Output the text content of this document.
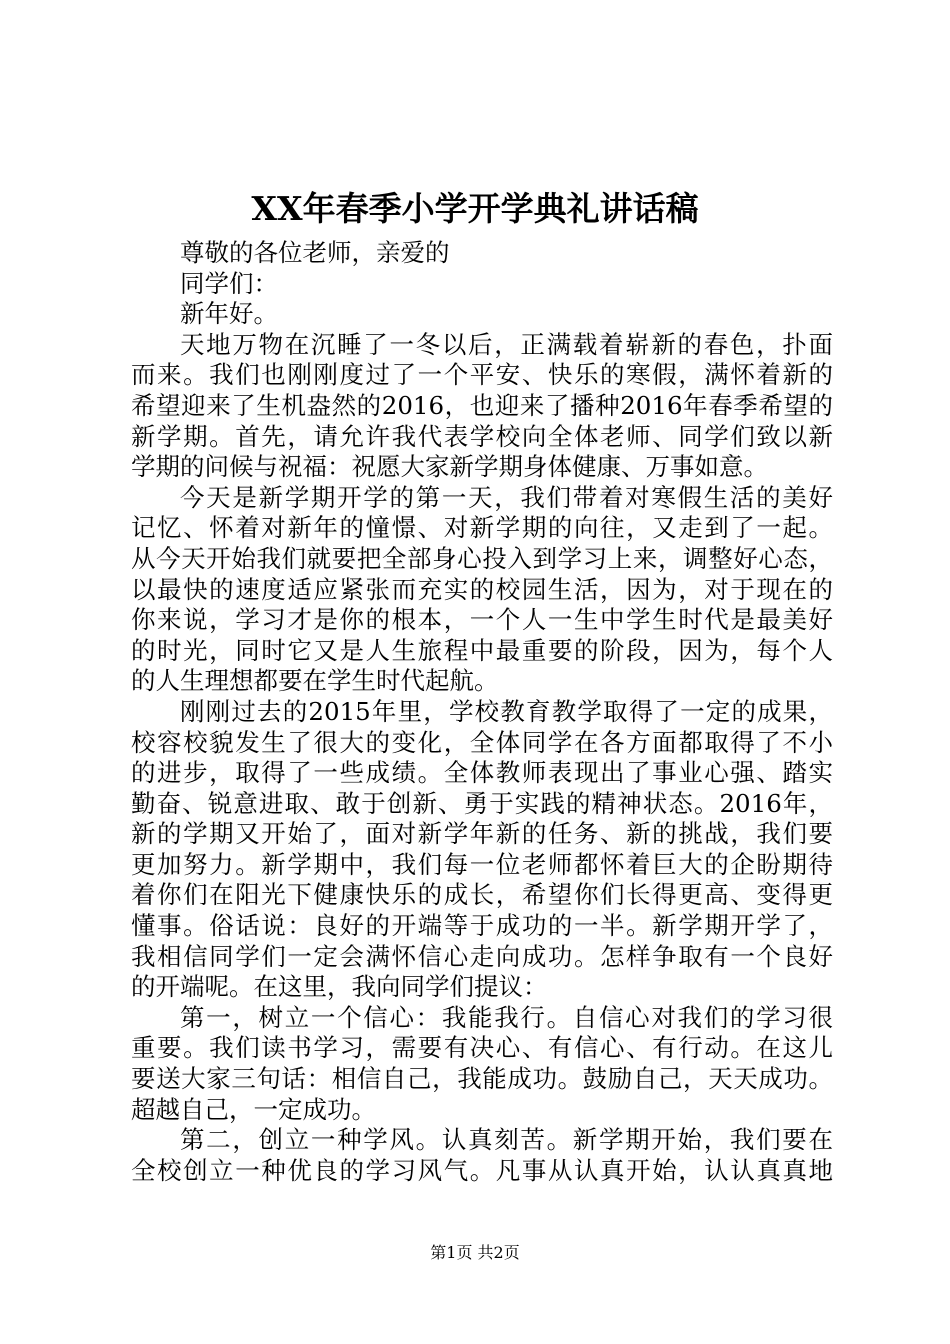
XX年春季小学开学典礼讲话稿
尊敬的各位老师，亲爱的
同学们：
新年好。
天地万物在沉睡了一冬以后，正满载着崭新的春色，扑面
而来。我们也刚刚度过了一个平安、快乐的寒假，满怀着新的
希望迎来了生机盎然的2016，也迎来了播种2016年春季希望的
新学期。首先，请允许我代表学校向全体老师、同学们致以新
学期的问候与祝福：祝愿大家新学期身体健康、万事如意。
今天是新学期开学的第一天，我们带着对寒假生活的美好
记忆、怀着对新年的憧憬、对新学期的向往，又走到了一起。
从今天开始我们就要把全部身心投入到学习上来，调整好心态，
以最快的速度适应紧张而充实的校园生活，因为，对于现在的
你来说，学习才是你的根本，一个人一生中学生时代是最美好
的时光，同时它又是人生旅程中最重要的阶段，因为，每个人
的人生理想都要在学生时代起航。
刚刚过去的2015年里，学校教育教学取得了一定的成果，
校容校貌发生了很大的变化，全体同学在各方面都取得了不小
的进步，取得了一些成绩。全体教师表现出了事业心强、踏实
勤奋、锐意进取、敢于创新、勇于实践的精神状态。2016年，
新的学期又开始了，面对新学年新的任务、新的挑战，我们要
更加努力。新学期中，我们每一位老师都怀着巨大的企盼期待
着你们在阳光下健康快乐的成长，希望你们长得更高、变得更
懂事。俗话说：良好的开端等于成功的一半。新学期开学了，
我相信同学们一定会满怀信心走向成功。怎样争取有一个良好
的开端呢。在这里，我向同学们提议：
第一，树立一个信心：我能我行。自信心对我们的学习很
重要。我们读书学习，需要有决心、有信心、有行动。在这儿
要送大家三句话：相信自己，我能成功。鼓励自己，天天成功。
超越自己，一定成功。
第二，创立一种学风。认真刻苦。新学期开始，我们要在
全校创立一种优良的学习风气。凡事从认真开始，认认真真地
第1页 共2页
